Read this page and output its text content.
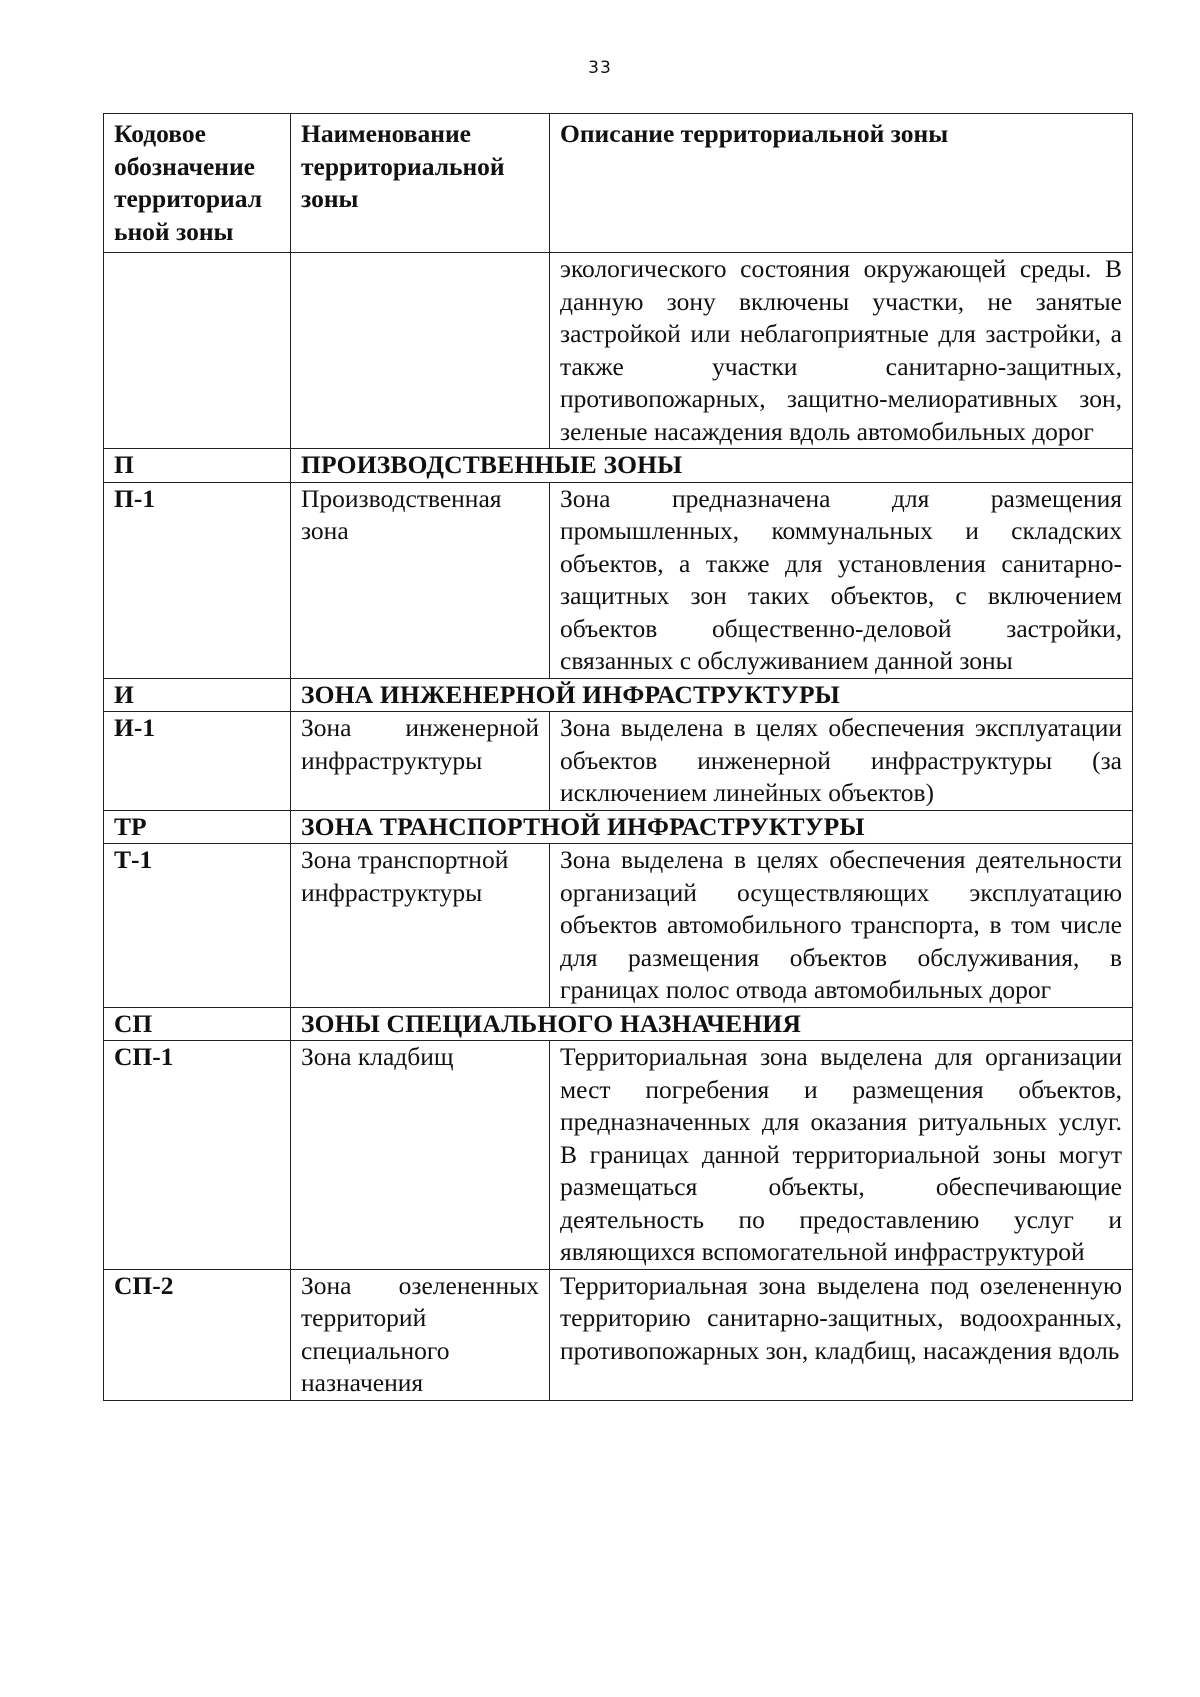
33
Кодовое обозначение территориал ьной зоны	Наименование территориальной зоны	Описание территориальной зоны
		экологического состояния окружающей среды. В данную зону включены участки, не занятые застройкой или неблагоприятные для застройки, а также участки санитарно-защитных, противопожарных, защитно-мелиоративных зон, зеленые насаждения вдоль автомобильных дорог
П	ПРОИЗВОДСТВЕННЫЕ ЗОНЫ	
П-1	Производственная зона	Зона предназначена для размещения промышленных, коммунальных и складских объектов, а также для установления санитарно-защитных зон таких объектов, с включением объектов общественно-деловой застройки, связанных с обслуживанием данной зоны
И	ЗОНА ИНЖЕНЕРНОЙ ИНФРАСТРУКТУРЫ	
И-1	Зона инженерной инфраструктуры	Зона выделена в целях обеспечения эксплуатации объектов инженерной инфраструктуры (за исключением линейных объектов)
ТР	ЗОНА ТРАНСПОРТНОЙ ИНФРАСТРУКТУРЫ	
Т-1	Зона транспортной инфраструктуры	Зона выделена в целях обеспечения деятельности организаций осуществляющих эксплуатацию объектов автомобильного транспорта, в том числе для размещения объектов обслуживания, в границах полос отвода автомобильных дорог
СП	ЗОНЫ СПЕЦИАЛЬНОГО НАЗНАЧЕНИЯ	
СП-1	Зона кладбищ	Территориальная зона выделена для организации мест погребения и размещения объектов, предназначенных для оказания ритуальных услуг. В границах данной территориальной зоны могут размещаться объекты, обеспечивающие деятельность по предоставлению услуг и являющихся вспомогательной инфраструктурой
СП-2	Зона озелененных территорий специального назначения	Территориальная зона выделена под озелененную территорию санитарно-защитных, водоохранных, противопожарных зон, кладбищ, насаждения вдоль
